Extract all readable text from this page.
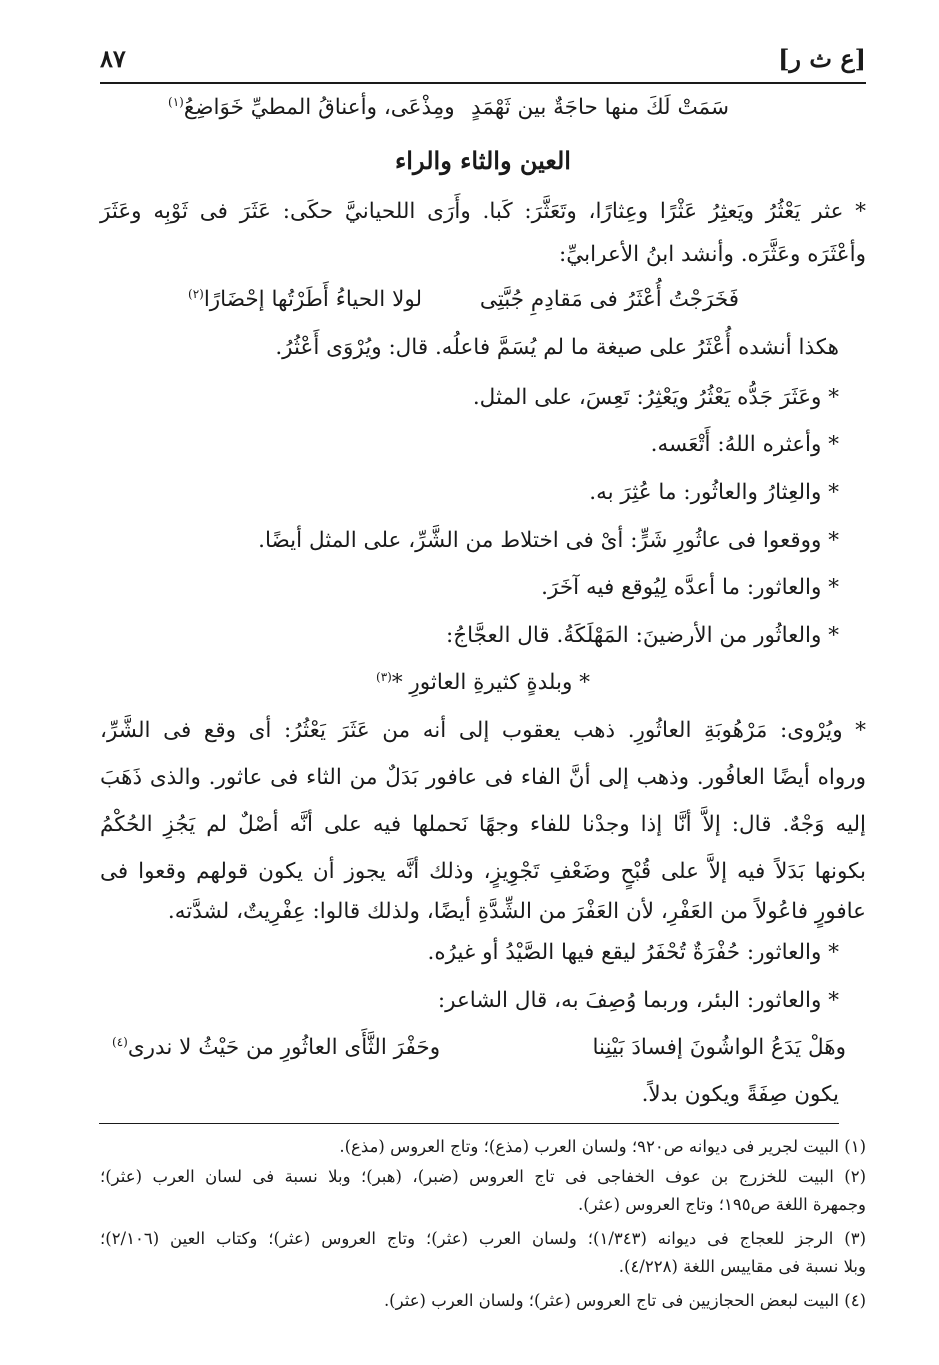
[ع ث ر]
٨٧
سَمَتْ لَكَ منها حاجَةٌ بين ثَهْمَدٍ
ومِذْعَى، وأعناقُ المطيِّ خَوَاضِعُ$^{(١)}$
العين والثاء والراء
* عثر يَعْثُرُ ويَعثِرُ عَثْرًا وعِثارًا، وتَعَثَّرَ: كَبا. وأَرَى اللحيانيَّ حكَى: عَثَرَ فى ثَوْبِه وعَثَرَ
وأعْثَرَه وعَثَّرَه. وأنشد ابنُ الأعرابيِّ:
فَخَرَجْتُ أُعْثَرُ فى مَقادِمِ جُبَّتِى
لولا الحياءُ أَطَرْتُها إحْضَارًا$^{(٢)}$
هكذا أنشده أُعْثَرُ على صيغة ما لم يُسَمَّ فاعلُه. قال: ويُرْوَى أَعْثُرُ.
* وعَثَرَ جَدُّه يَعْثُرُ ويَعْثِرُ: تَعِسَ، على المثل.
* وأعثره اللهُ: أَتْعَسه.
* والعِثارُ والعاثُور: ما عُثِرَ به.
* ووقعوا فى عاثُورِ شَرٍّ: أىْ فى اختلاط من الشَّرِّ، على المثل أيضًا.
* والعاثور: ما أعدَّه لِيُوقع فيه آخَرَ.
* والعاثُور من الأرضينَ: المَهْلَكَةُ. قال العجَّاجُ:
* وبلدةٍ كثيرةِ العاثورِ *$^{(٣)}$
* ويُرْوى: مَرْهُوبَةِ العاثُورِ. ذهب يعقوب إلى أنه من عَثَرَ يَعْثُرُ: أى وقع فى الشَّرِّ،
ورواه أيضًا العافُور. وذهب إلى أنَّ الفاء فى عافور بَدَلٌ من الثاء فى عاثور. والذى ذَهَبَ
إليه وَجْهٌ. قال: إلاَّ أنَّا إذا وجدْنا للفاء وجهًا نَحملها فيه على أنَّه أصْلٌ لم يَجُزِ الحُكْمُ
بكونها بَدَلاً فيه إلاَّ على قُبْحٍ وضَعْفِ تَجْوِيزٍ، وذلك أنَّه يجوز أن يكون قولهم وقعوا فى
عافورٍ فاعُولاً من العَفْرِ، لأن العَفْرَ من الشِّدَّةِ أيضًا، ولذلك قالوا: عِفْرِيتٌ، لشدَّته.
* والعاثور: حُفْرَةٌ تُحْفَرُ ليقع فيها الصَّيْدُ أو غيرُه.
* والعاثور: البئر، وربما وُصِفَ به، قال الشاعر:
وهَلْ يَدَعُ الواشُونَ إفسادَ بَيْنِنا
وحَفْرَ الثَّأَى العاثُورِ من حَيْثُ لا ندرى$^{(٤)}$
يكون صِفَةً ويكون بدلاً.
(١) البيت لجرير فى ديوانه ص٩٢٠؛ ولسان العرب (مذع)؛ وتاج العروس (مذع).
(٢) البيت للخزرج بن عوف الخفاجى فى تاج العروس (ضبر)، (هبر)؛ وبلا نسبة فى لسان العرب (عثر)؛
وجمهرة اللغة ص١٩٥؛ وتاج العروس (عثر).
(٣) الرجز للعجاج فى ديوانه (١/٣٤٣)؛ ولسان العرب (عثر)؛ وتاج العروس (عثر)؛ وكتاب العين (٢/١٠٦)؛
وبلا نسبة فى مقاييس اللغة (٤/٢٢٨).
(٤) البيت لبعض الحجازيين فى تاج العروس (عثر)؛ ولسان العرب (عثر).
